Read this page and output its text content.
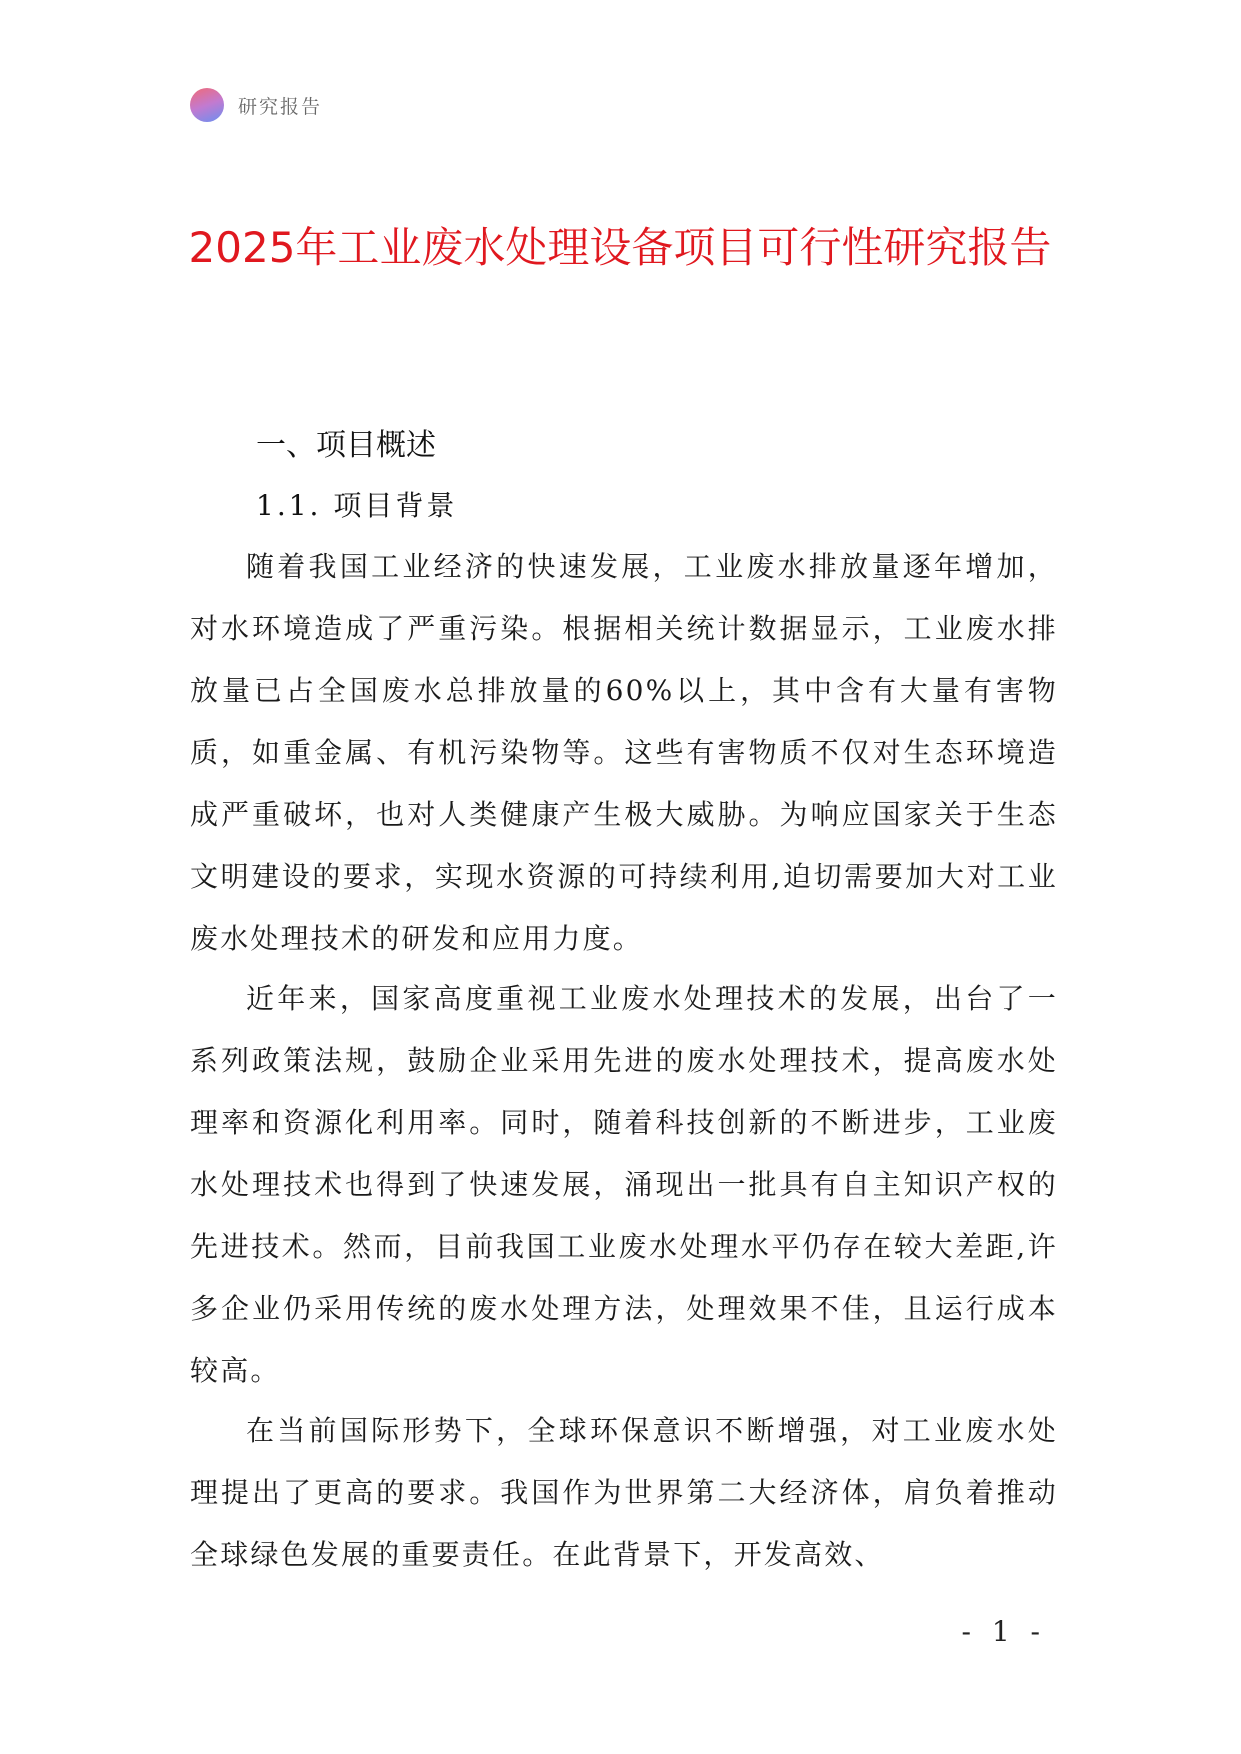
研究报告
2025年工业废水处理设备项目可行性研究报告
一、项目概述
1.1. 项目背景

随着我国工业经济的快速发展，工业废水排放量逐年增加，对水环境造成了严重污染。根据相关统计数据显示，工业废水排放量已占全国废水总排放量的60%以上，其中含有大量有害物质，如重金属、有机污染物等。这些有害物质不仅对生态环境造成严重破坏，也对人类健康产生极大威胁。为响应国家关于生态文明建设的要求，实现水资源的可持续利用,迫切需要加大对工业废水处理技术的研发和应用力度。

近年来，国家高度重视工业废水处理技术的发展，出台了一系列政策法规，鼓励企业采用先进的废水处理技术，提高废水处理率和资源化利用率。同时，随着科技创新的不断进步，工业废水处理技术也得到了快速发展，涌现出一批具有自主知识产权的先进技术。然而，目前我国工业废水处理水平仍存在较大差距,许多企业仍采用传统的废水处理方法，处理效果不佳，且运行成本较高。

在当前国际形势下，全球环保意识不断增强，对工业废水处理提出了更高的要求。我国作为世界第二大经济体，肩负着推动全球绿色发展的重要责任。在此背景下，开发高效、

- 1 -
